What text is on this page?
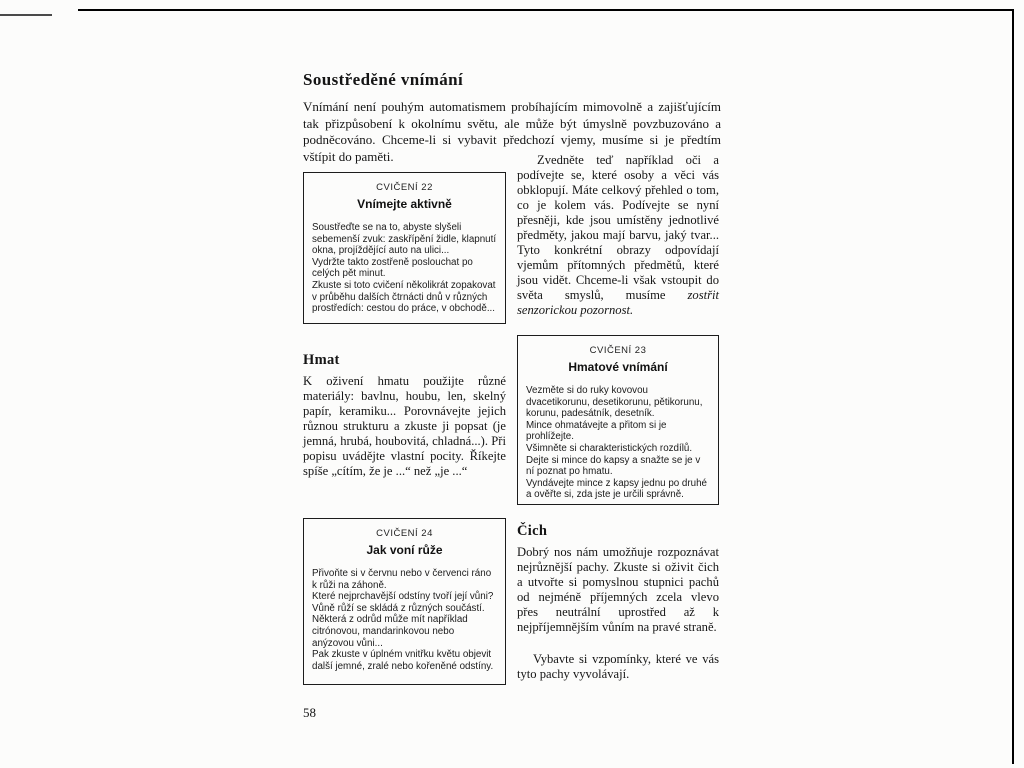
Soustředěné vnímání

Vnímání není pouhým automatismem probíhajícím mimovolně a zajišťujícím tak přizpůsobení k okolnímu světu, ale může být úmyslně povzbuzováno a podněcováno. Chceme-li si vybavit předchozí vjemy, musíme si je předtím vštípit do paměti.

CVIČENÍ 22
Vnímejte aktivně

Soustřeďte se na to, abyste slyšeli sebemenší zvuk: zaskřípění židle, klapnutí okna, projíždějící auto na ulici...

Vydržte takto zostřeně poslouchat po celých pět minut.

Zkuste si toto cvičení několikrát zopakovat v průběhu dalších čtrnácti dnů v různých prostředích: cestou do práce, v obchodě...

Zvedněte teď například oči a podívejte se, které osoby a věci vás obklopují. Máte celkový přehled o tom, co je kolem vás. Podívejte se nyní přesněji, kde jsou umístěny jednotlivé předměty, jakou mají barvu, jaký tvar... Tyto konkrétní obrazy odpovídají vjemům přítomných předmětů, které jsou vidět. Chceme-li však vstoupit do světa smyslů, musíme zostřit senzorickou pozornost.

Hmat

K oživení hmatu použijte různé materiály: bavlnu, houbu, len, skelný papír, keramiku... Porovnávejte jejich různou strukturu a zkuste ji popsat (je jemná, hrubá, houbovitá, chladná...). Při popisu uvádějte vlastní pocity. Říkejte spíše „cítím, že je ...“ než „je ...“

CVIČENÍ 23
Hmatové vnímání

Vezměte si do ruky kovovou dvacetikorunu, desetikorunu, pětikorunu, korunu, padesátník, desetník.

Mince ohmatávejte a přitom si je prohlížejte.

Všimněte si charakteristických rozdílů.

Dejte si mince do kapsy a snažte se je v ní poznat po hmatu.

Vyndávejte mince z kapsy jednu po druhé a ověřte si, zda jste je určili správně.

CVIČENÍ 24
Jak voní růže

Přivoňte si v červnu nebo v červenci ráno k růži na záhoně.

Které nejprchavější odstíny tvoří její vůni?

Vůně růží se skládá z různých součástí.

Některá z odrůd může mít například citrónovou, mandarinkovou nebo anýzovou vůni...

Pak zkuste v úplném vnitřku květu objevit další jemné, zralé nebo kořeněné odstíny.

Čich

Dobrý nos nám umožňuje rozpoznávat nejrůznější pachy. Zkuste si oživit čich a utvořte si pomyslnou stupnici pachů od nejméně příjemných zcela vlevo přes neutrální uprostřed až k nejpříjemnějším vůním na pravé straně.

Vybavte si vzpomínky, které ve vás tyto pachy vyvolávají.

58
